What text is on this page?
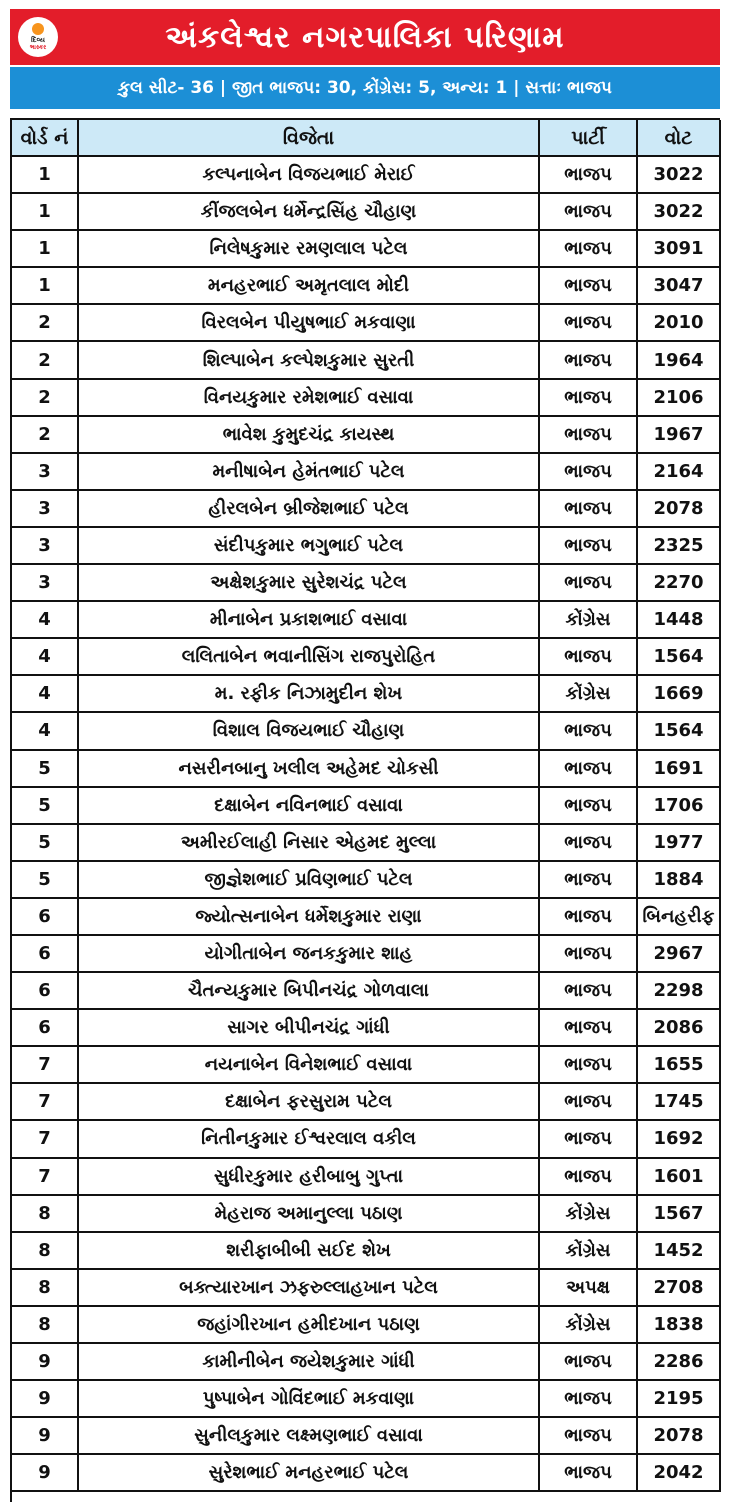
દિવ્ય
ભાસ્કર	અંકલેશ્વર નગરપાલિકા પરિણામ
કુલ સીટ- 36 | જીત ભાજપ: 30, કોંગ્રેસ: 5, અન્ય: 1 | સત્તાઃ ભાજપ
વોર્ડ નં	વિજેતા	પાર્ટી	વોટ
1	કલ્પનાબેન વિજયભાઈ મેરાઈ	ભાજપ	3022
1	કીંજલબેન ધર્મેન્દ્રસિંહ ચૌહાણ	ભાજપ	3022
1	નિલેષકુમાર રમણલાલ પટેલ	ભાજપ	3091
1	મનહરભાઈ અમૃતલાલ મોદી	ભાજપ	3047
2	વિરલબેન પીયુષભાઈ મકવાણા	ભાજપ	2010
2	શિલ્પાબેન કલ્પેશકુમાર સુરતી	ભાજપ	1964
2	વિનયકુમાર રમેશભાઈ વસાવા	ભાજપ	2106
2	ભાવેશ કુમુદચંદ્ર કાયસ્થ	ભાજપ	1967
3	મનીષાબેન હેમંતભાઈ પટેલ	ભાજપ	2164
3	હીરલબેન બ્રીજેશભાઈ પટેલ	ભાજપ	2078
3	સંદીપકુમાર ભગુભાઈ પટેલ	ભાજપ	2325
3	અક્ષેશકુમાર સુરેશચંદ્ર પટેલ	ભાજપ	2270
4	મીનાબેન પ્રકાશભાઈ વસાવા	કોંગ્રેસ	1448
4	લલિતાબેન ભવાનીસિંગ રાજપુરોહિત	ભાજપ	1564
4	મ. રફીક નિઝામુદીન શેખ	કોંગ્રેસ	1669
4	વિશાલ વિજયભાઈ ચૌહાણ	ભાજપ	1564
5	નસરીનબાનુ ખલીલ અહેમદ ચોકસી	ભાજપ	1691
5	દક્ષાબેન નવિનભાઈ વસાવા	ભાજપ	1706
5	અમીરઈલાહી નિસાર એહમદ મુલ્લા	ભાજપ	1977
5	જીજ્ઞેશભાઈ પ્રવિણભાઈ પટેલ	ભાજપ	1884
6	જ્યોત્સનાબેન ધર્મેશકુમાર રાણા	ભાજપ	બિનહરીફ
6	યોગીતાબેન જનકકુમાર શાહ	ભાજપ	2967
6	ચૈતન્યકુમાર બિપીનચંદ્ર ગોળવાલા	ભાજપ	2298
6	સાગર બીપીનચંદ્ર ગાંધી	ભાજપ	2086
7	નયનાબેન વિનેશભાઈ વસાવા	ભાજપ	1655
7	દક્ષાબેન ફરસુરામ પટેલ	ભાજપ	1745
7	નિતીનકુમાર ઈશ્વરલાલ વકીલ	ભાજપ	1692
7	સુધીરકુમાર હરીબાબુ ગુપ્તા	ભાજપ	1601
8	મેહરાજ અમાનુલ્લા પઠાણ	કોંગ્રેસ	1567
8	શરીફાબીબી સઈદ શેખ	કોંગ્રેસ	1452
8	બક્ત્યારખાન ઝફરુલ્લાહખાન પટેલ	અપક્ષ	2708
8	જહાંગીરખાન હમીદખાન પઠાણ	કોંગ્રેસ	1838
9	કામીનીબેન જયેશકુમાર ગાંધી	ભાજપ	2286
9	પુષ્પાબેન ગોવિંદભાઈ મકવાણા	ભાજપ	2195
9	સુનીલકુમાર લક્ષ્મણભાઈ વસાવા	ભાજપ	2078
9	સુરેશભાઈ મનહરભાઈ પટેલ	ભાજપ	2042
